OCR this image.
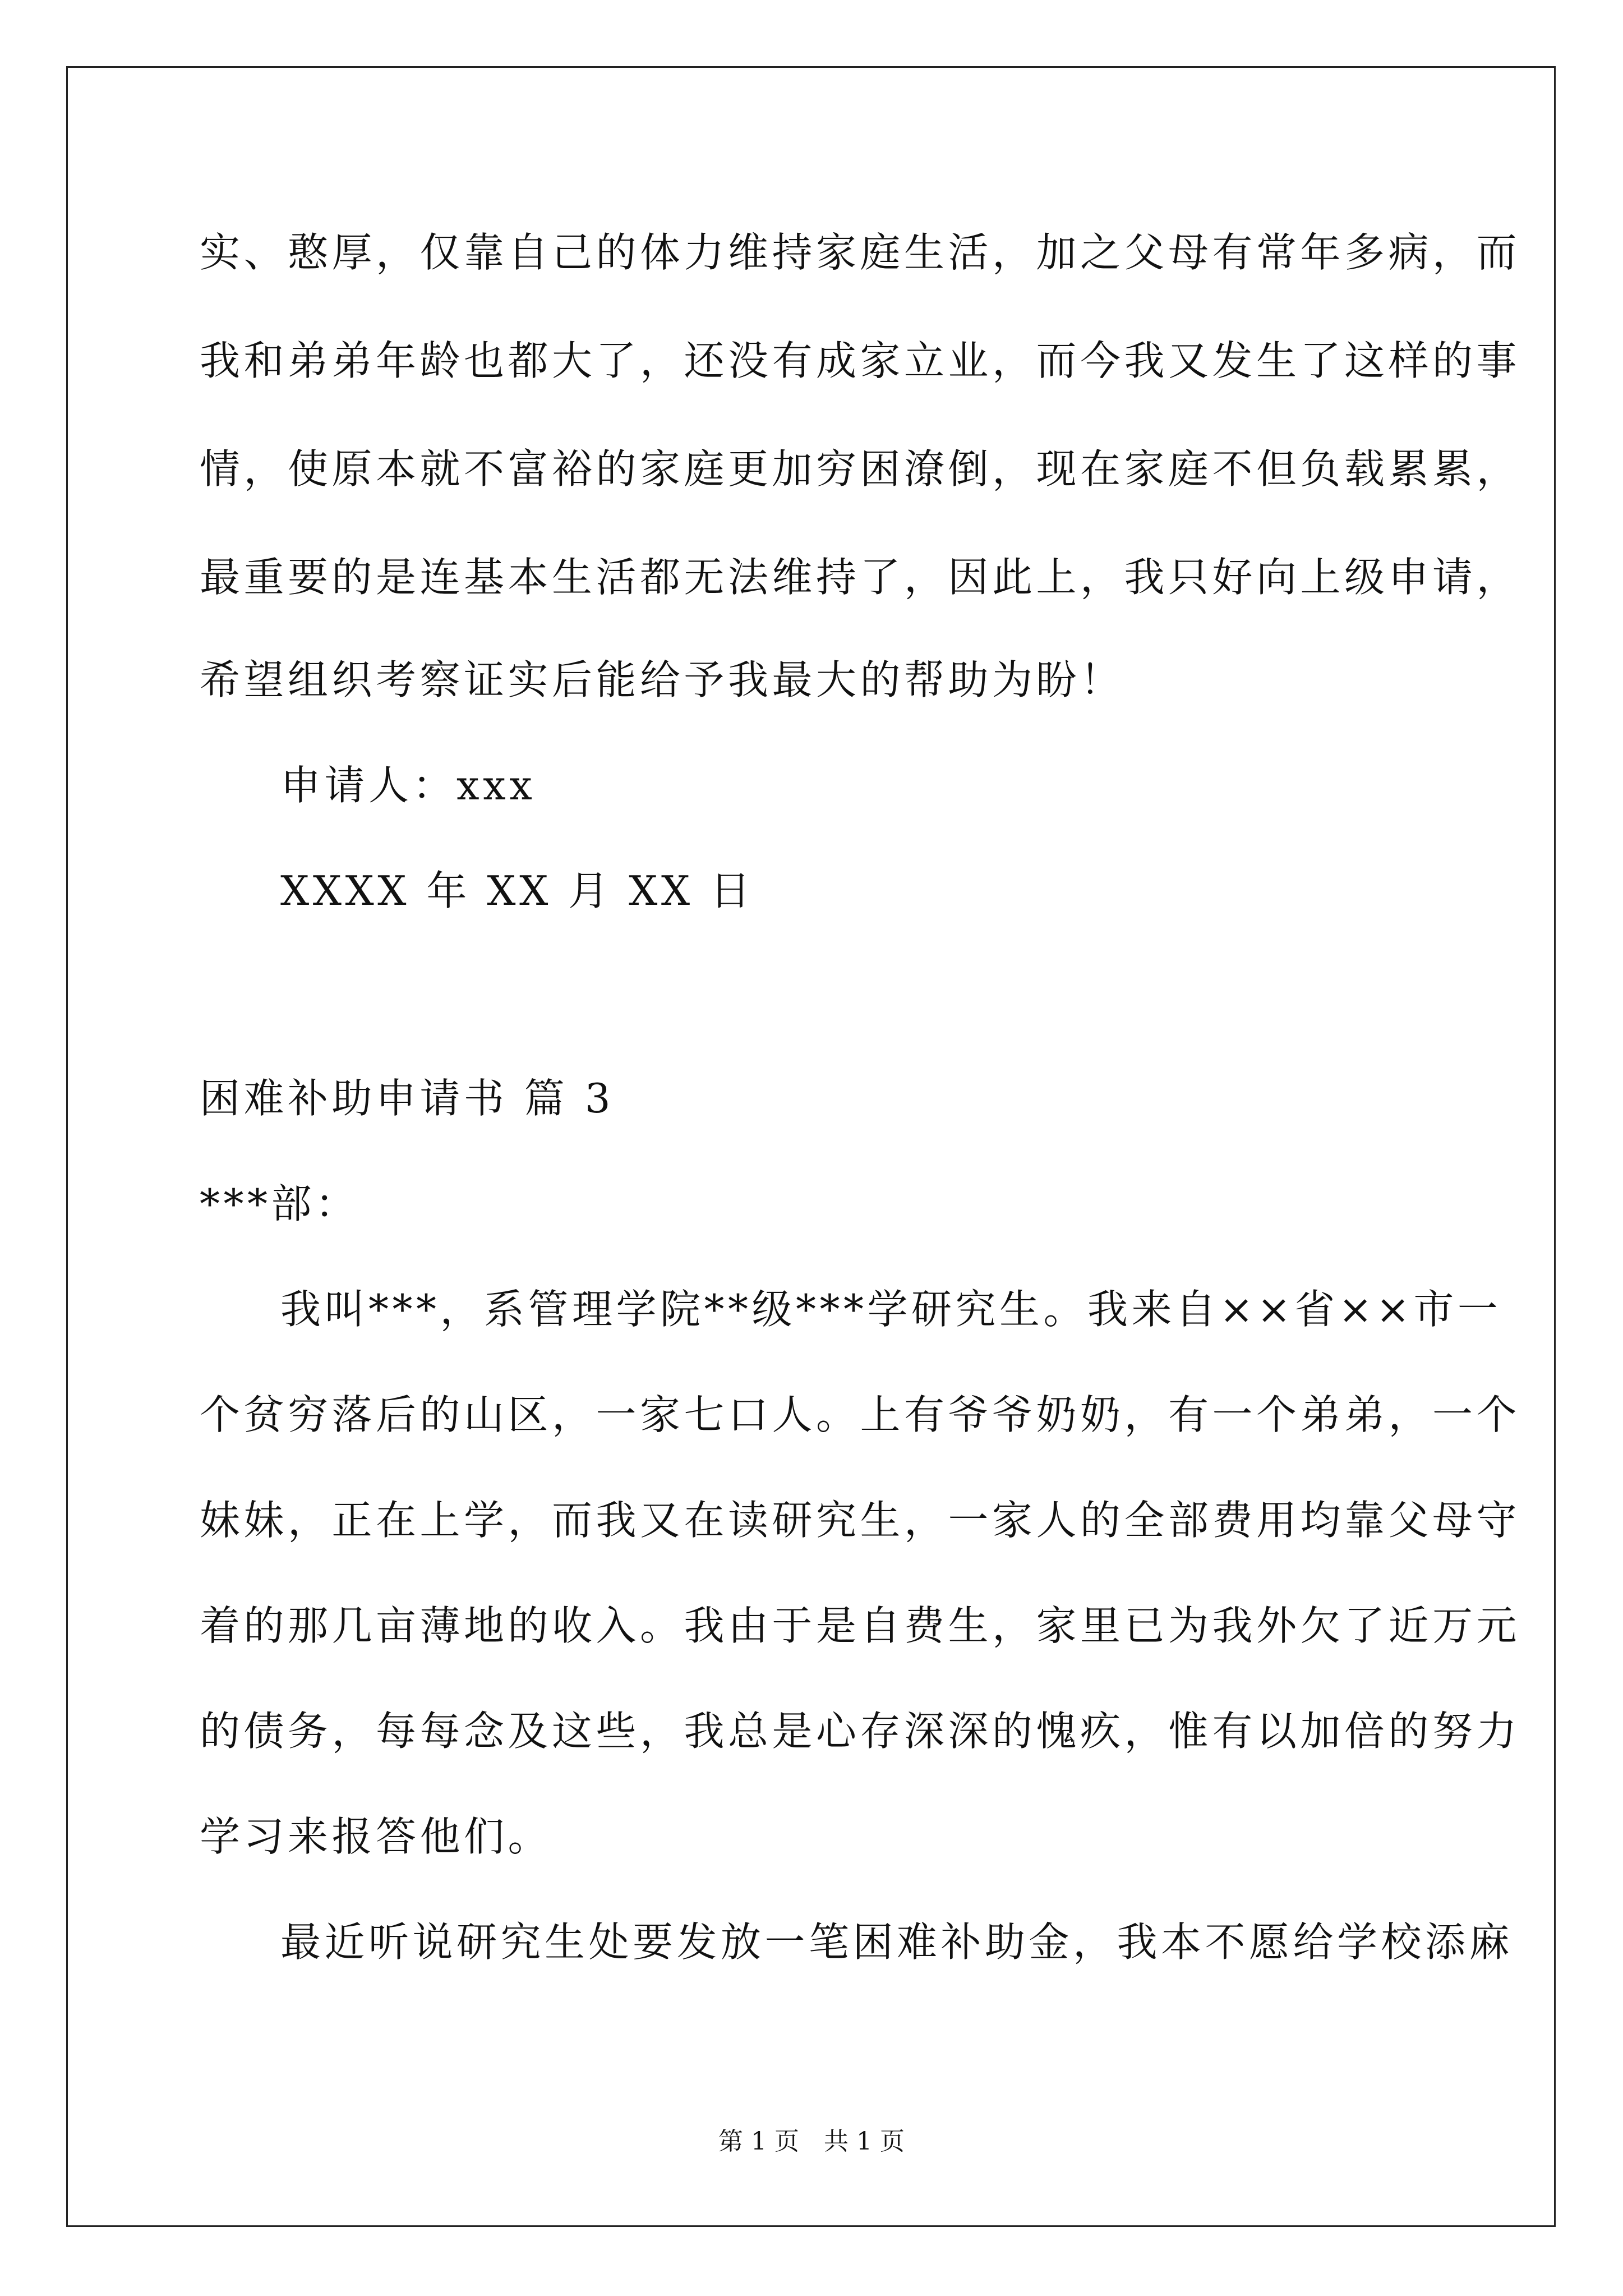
实、憨厚，仅靠自己的体力维持家庭生活，加之父母有常年多病，而
我和弟弟年龄也都大了，还没有成家立业，而今我又发生了这样的事
情，使原本就不富裕的家庭更加穷困潦倒，现在家庭不但负载累累，
最重要的是连基本生活都无法维持了，因此上，我只好向上级申请，
希望组织考察证实后能给予我最大的帮助为盼！
申请人：xxx
XXXX 年 XX 月 XX 日
困难补助申请书 篇 3
***部：
我叫***，系管理学院**级***学研究生。我来自××省××市一
个贫穷落后的山区，一家七口人。上有爷爷奶奶，有一个弟弟，一个
妹妹，正在上学，而我又在读研究生，一家人的全部费用均靠父母守
着的那几亩薄地的收入。我由于是自费生，家里已为我外欠了近万元
的债务，每每念及这些，我总是心存深深的愧疚，惟有以加倍的努力
学习来报答他们。
最近听说研究生处要发放一笔困难补助金，我本不愿给学校添麻
第 1 页 共 1 页
